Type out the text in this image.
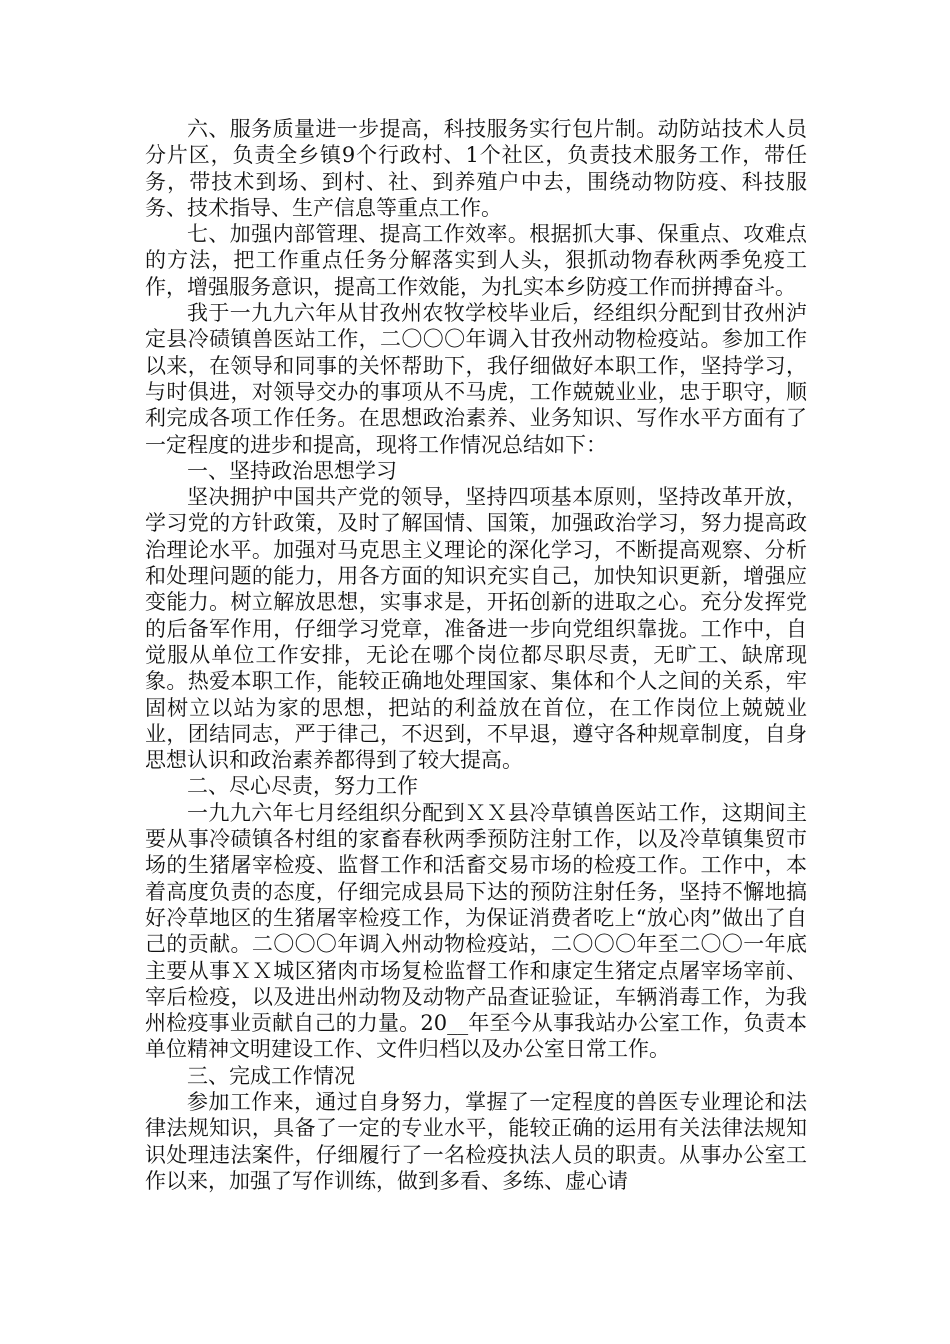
六、服务质量进一步提高，科技服务实行包片制。动防站技术人员分片区，负责全乡镇9个行政村、1个社区，负责技术服务工作，带任务，带技术到场、到村、社、到养殖户中去，围绕动物防疫、科技服务、技术指导、生产信息等重点工作。

七、加强内部管理、提高工作效率。根据抓大事、保重点、攻难点的方法，把工作重点任务分解落实到人头，狠抓动物春秋两季免疫工作，增强服务意识，提高工作效能，为扎实本乡防疫工作而拼搏奋斗。

我于一九九六年从甘孜州农牧学校毕业后，经组织分配到甘孜州泸定县冷碛镇兽医站工作，二〇〇〇年调入甘孜州动物检疫站。参加工作以来，在领导和同事的关怀帮助下，我仔细做好本职工作，坚持学习，与时俱进，对领导交办的事项从不马虎，工作兢兢业业，忠于职守，顺利完成各项工作任务。在思想政治素养、业务知识、写作水平方面有了一定程度的进步和提高，现将工作情况总结如下：

一、坚持政治思想学习

坚决拥护中国共产党的领导，坚持四项基本原则，坚持改革开放，学习党的方针政策，及时了解国情、国策，加强政治学习，努力提高政治理论水平。加强对马克思主义理论的深化学习，不断提高观察、分析和处理问题的能力，用各方面的知识充实自己，加快知识更新，增强应变能力。树立解放思想，实事求是，开拓创新的进取之心。充分发挥党的后备军作用，仔细学习党章，准备进一步向党组织靠拢。工作中，自觉服从单位工作安排，无论在哪个岗位都尽职尽责，无旷工、缺席现象。热爱本职工作，能较正确地处理国家、集体和个人之间的关系，牢固树立以站为家的思想，把站的利益放在首位，在工作岗位上兢兢业业，团结同志，严于律己，不迟到，不早退，遵守各种规章制度，自身思想认识和政治素养都得到了较大提高。

二、尽心尽责，努力工作

一九九六年七月经组织分配到ＸＸ县冷草镇兽医站工作，这期间主要从事冷碛镇各村组的家畜春秋两季预防注射工作，以及冷草镇集贸市场的生猪屠宰检疫、监督工作和活畜交易市场的检疫工作。工作中，本着高度负责的态度，仔细完成县局下达的预防注射任务，坚持不懈地搞好冷草地区的生猪屠宰检疫工作，为保证消费者吃上“放心肉”做出了自己的贡献。二〇〇〇年调入州动物检疫站，二〇〇〇年至二〇〇一年底主要从事ＸＸ城区猪肉市场复检监督工作和康定生猪定点屠宰场宰前、宰后检疫，以及进出州动物及动物产品查证验证，车辆消毒工作，为我州检疫事业贡献自己的力量。20__年至今从事我站办公室工作，负责本单位精神文明建设工作、文件归档以及办公室日常工作。

三、完成工作情况

参加工作来，通过自身努力，掌握了一定程度的兽医专业理论和法律法规知识，具备了一定的专业水平，能较正确的运用有关法律法规知识处理违法案件，仔细履行了一名检疫执法人员的职责。从事办公室工作以来，加强了写作训练，做到多看、多练、虚心请
